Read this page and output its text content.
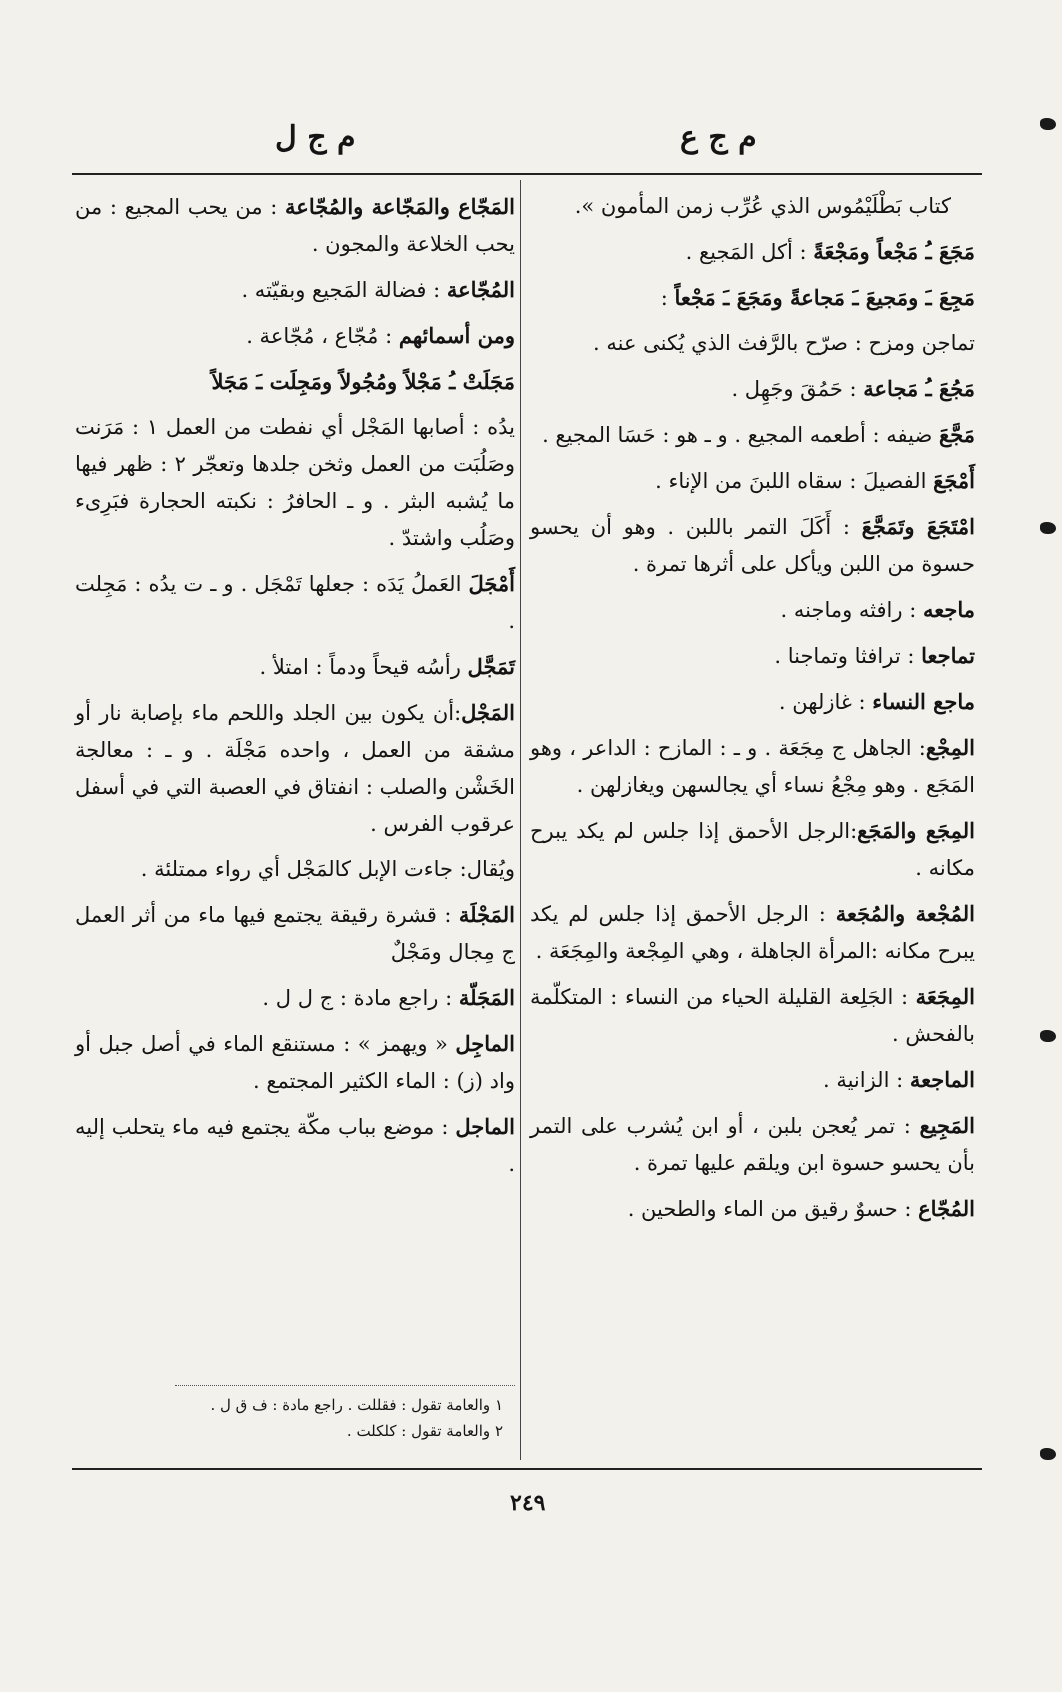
م ج ع
م ج ل

كتاب بَطْلَيْمُوس الذي عُرِّب زمن المأمون ».

مَجَعَ ـُ مَجْعاً ومَجْعَةً : أكل المَجيع .

مَجِعَ ـَ ومَجيعَ ـَ مَجاعةً ومَجَعَ ـَ مَجْعاً :

تماجن ومزح : صرّح بالرَّفث الذي يُكنى عنه .

مَجُعَ ـُ مَجاعة : حَمُقَ وجَهِل .

مَجَّعَ ضيفه : أطعمه المجيع . و ـ هو : حَسَا المجيع .

أَمْجَعَ الفصيلَ : سقاه اللبنَ من الإناء .

امْتَجَعَ وتَمَجَّعَ : أَكَلَ التمر باللبن . وهو أن يحسو حسوة من اللبن ويأكل على أثرها تمرة .

ماجعه : رافثه وماجنه .

تماجعا : ترافثا وتماجنا .

ماجع النساء : غازلهن .

المِجْع: الجاهل ج مِجَعَة . و ـ : المازح : الداعر ، وهو المَجَع . وهو مِجْعُ نساء أي يجالسهن ويغازلهن .

المِجَع والمَجَع:الرجل الأحمق إذا جلس لم يكد يبرح مكانه .

المُجْعة والمُجَعة : الرجل الأحمق إذا جلس لم يكد يبرح مكانه :المرأة الجاهلة ، وهي المِجْعة والمِجَعَة .

المِجَعَة : الجَلِعة القليلة الحياء من النساء : المتكلّمة بالفحش .

الماجعة : الزانية .

المَجِيع : تمر يُعجن بلبن ، أو ابن يُشرب على التمر بأن يحسو حسوة ابن ويلقم عليها تمرة .

المُجّاع : حسوٌ رقيق من الماء والطحين .

المَجّاع والمَجّاعة والمُجّاعة : من يحب المجيع : من يحب الخلاعة والمجون .

المُجّاعة : فضالة المَجيع وبقيّته .

ومن أسمائهم : مُجّاع ، مُجّاعة .

مَجَلَتْ ـُ مَجْلاً ومُجُولاً ومَجِلَت ـَ مَجَلاً

يدُه : أصابها المَجْل أي نفطت من العمل ١ : مَرَنت وصَلُبَت من العمل وثخن جلدها وتعجّر ٢ : ظهر فيها ما يُشبه البثر . و ـ الحافرُ : نكبته الحجارة فبَرِىء وصَلُب واشتدّ .

أَمْجَلَ العَملُ يَدَه : جعلها تَمْجَل . و ـ ت يدُه : مَجِلت .

تَمَجَّل رأسُه قيحاً ودماً : امتلأ .

المَجْل:أن يكون بين الجلد واللحم ماء بإصابة نار أو مشقة من العمل ، واحده مَجْلَة . و ـ : معالجة الخَشْن والصلب : انفتاق في العصبة التي في أسفل عرقوب الفرس .

ويُقال: جاءت الإبل كالمَجْل أي رواء ممتلئة .

المَجْلَة : قشرة رقيقة يجتمع فيها ماء من أثر العمل ج مِجال ومَجْلٌ

المَجَلّة : راجع مادة : ج ل ل .

الماجِل « ويهمز » : مستنقع الماء في أصل جبل أو واد (ز) : الماء الكثير المجتمع .

الماجل : موضع بباب مكّة يجتمع فيه ماء يتحلب إليه .

١ والعامة تقول : فقللت . راجع مادة : ف ق ل .
٢ والعامة تقول : كلكلت .
٢٤٩
